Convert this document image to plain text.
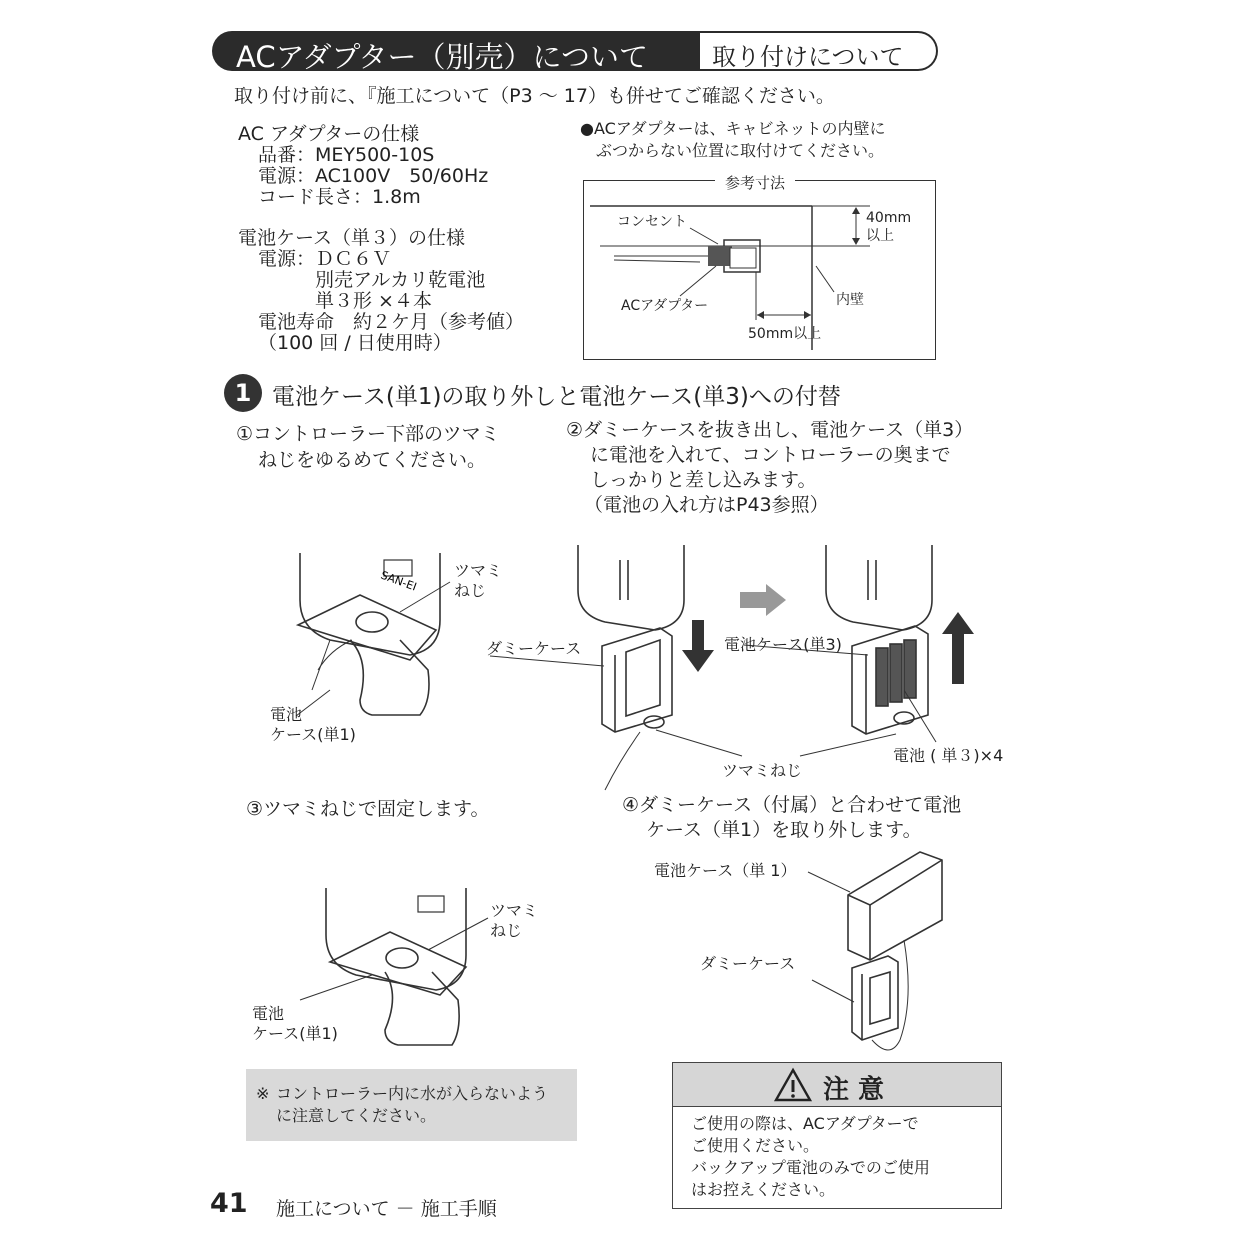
ACアダプター（別売）について	取り付けについて
取り付け前に、『施工について（P3 ～ 17）も併せてご確認ください。
AC アダプターの仕様
品番：MEY500-10S
電源：AC100V　50/60Hz
コード長さ：1.8m
電池ケース（単３）の仕様
電源：ＤＣ６Ｖ
　　　別売アルカリ乾電池
　　　単３形 ×４本
電池寿命　約２ケ月（参考値）
（100 回 / 日使用時）
●ACアダプターは、キャビネットの内壁に
ぶつからない位置に取付けてください。
参考寸法
コンセント	40mm
以上
ACアダプター	内壁
50mm以上
1 電池ケース(単1)の取り外しと電池ケース(単3)への付替
①コントローラー下部のツマミ
ねじをゆるめてください。
②ダミーケースを抜き出し、電池ケース（単3）
に電池を入れて、コントローラーの奥まで
しっかりと差し込みます。
（電池の入れ方はP43参照）
SAN-EI ツマミ
ねじ
電池
ケース(単1)
ダミーケース	電池ケース(単3)
電池 ( 単３)×4
ツマミねじ
③ツマミねじで固定します。	④ダミーケース（付属）と合わせて電池
ケース（単1）を取り外します。
ツマミ
ねじ
電池
ケース(単1)
電池ケース（単 1）
ダミーケース
※ コントローラー内に水が入らないよう
に注意してください。
注 意
ご使用の際は、ACアダプターで
ご使用ください。
バックアップ電池のみでのご使用
はお控えください。
41 施工について － 施工手順
